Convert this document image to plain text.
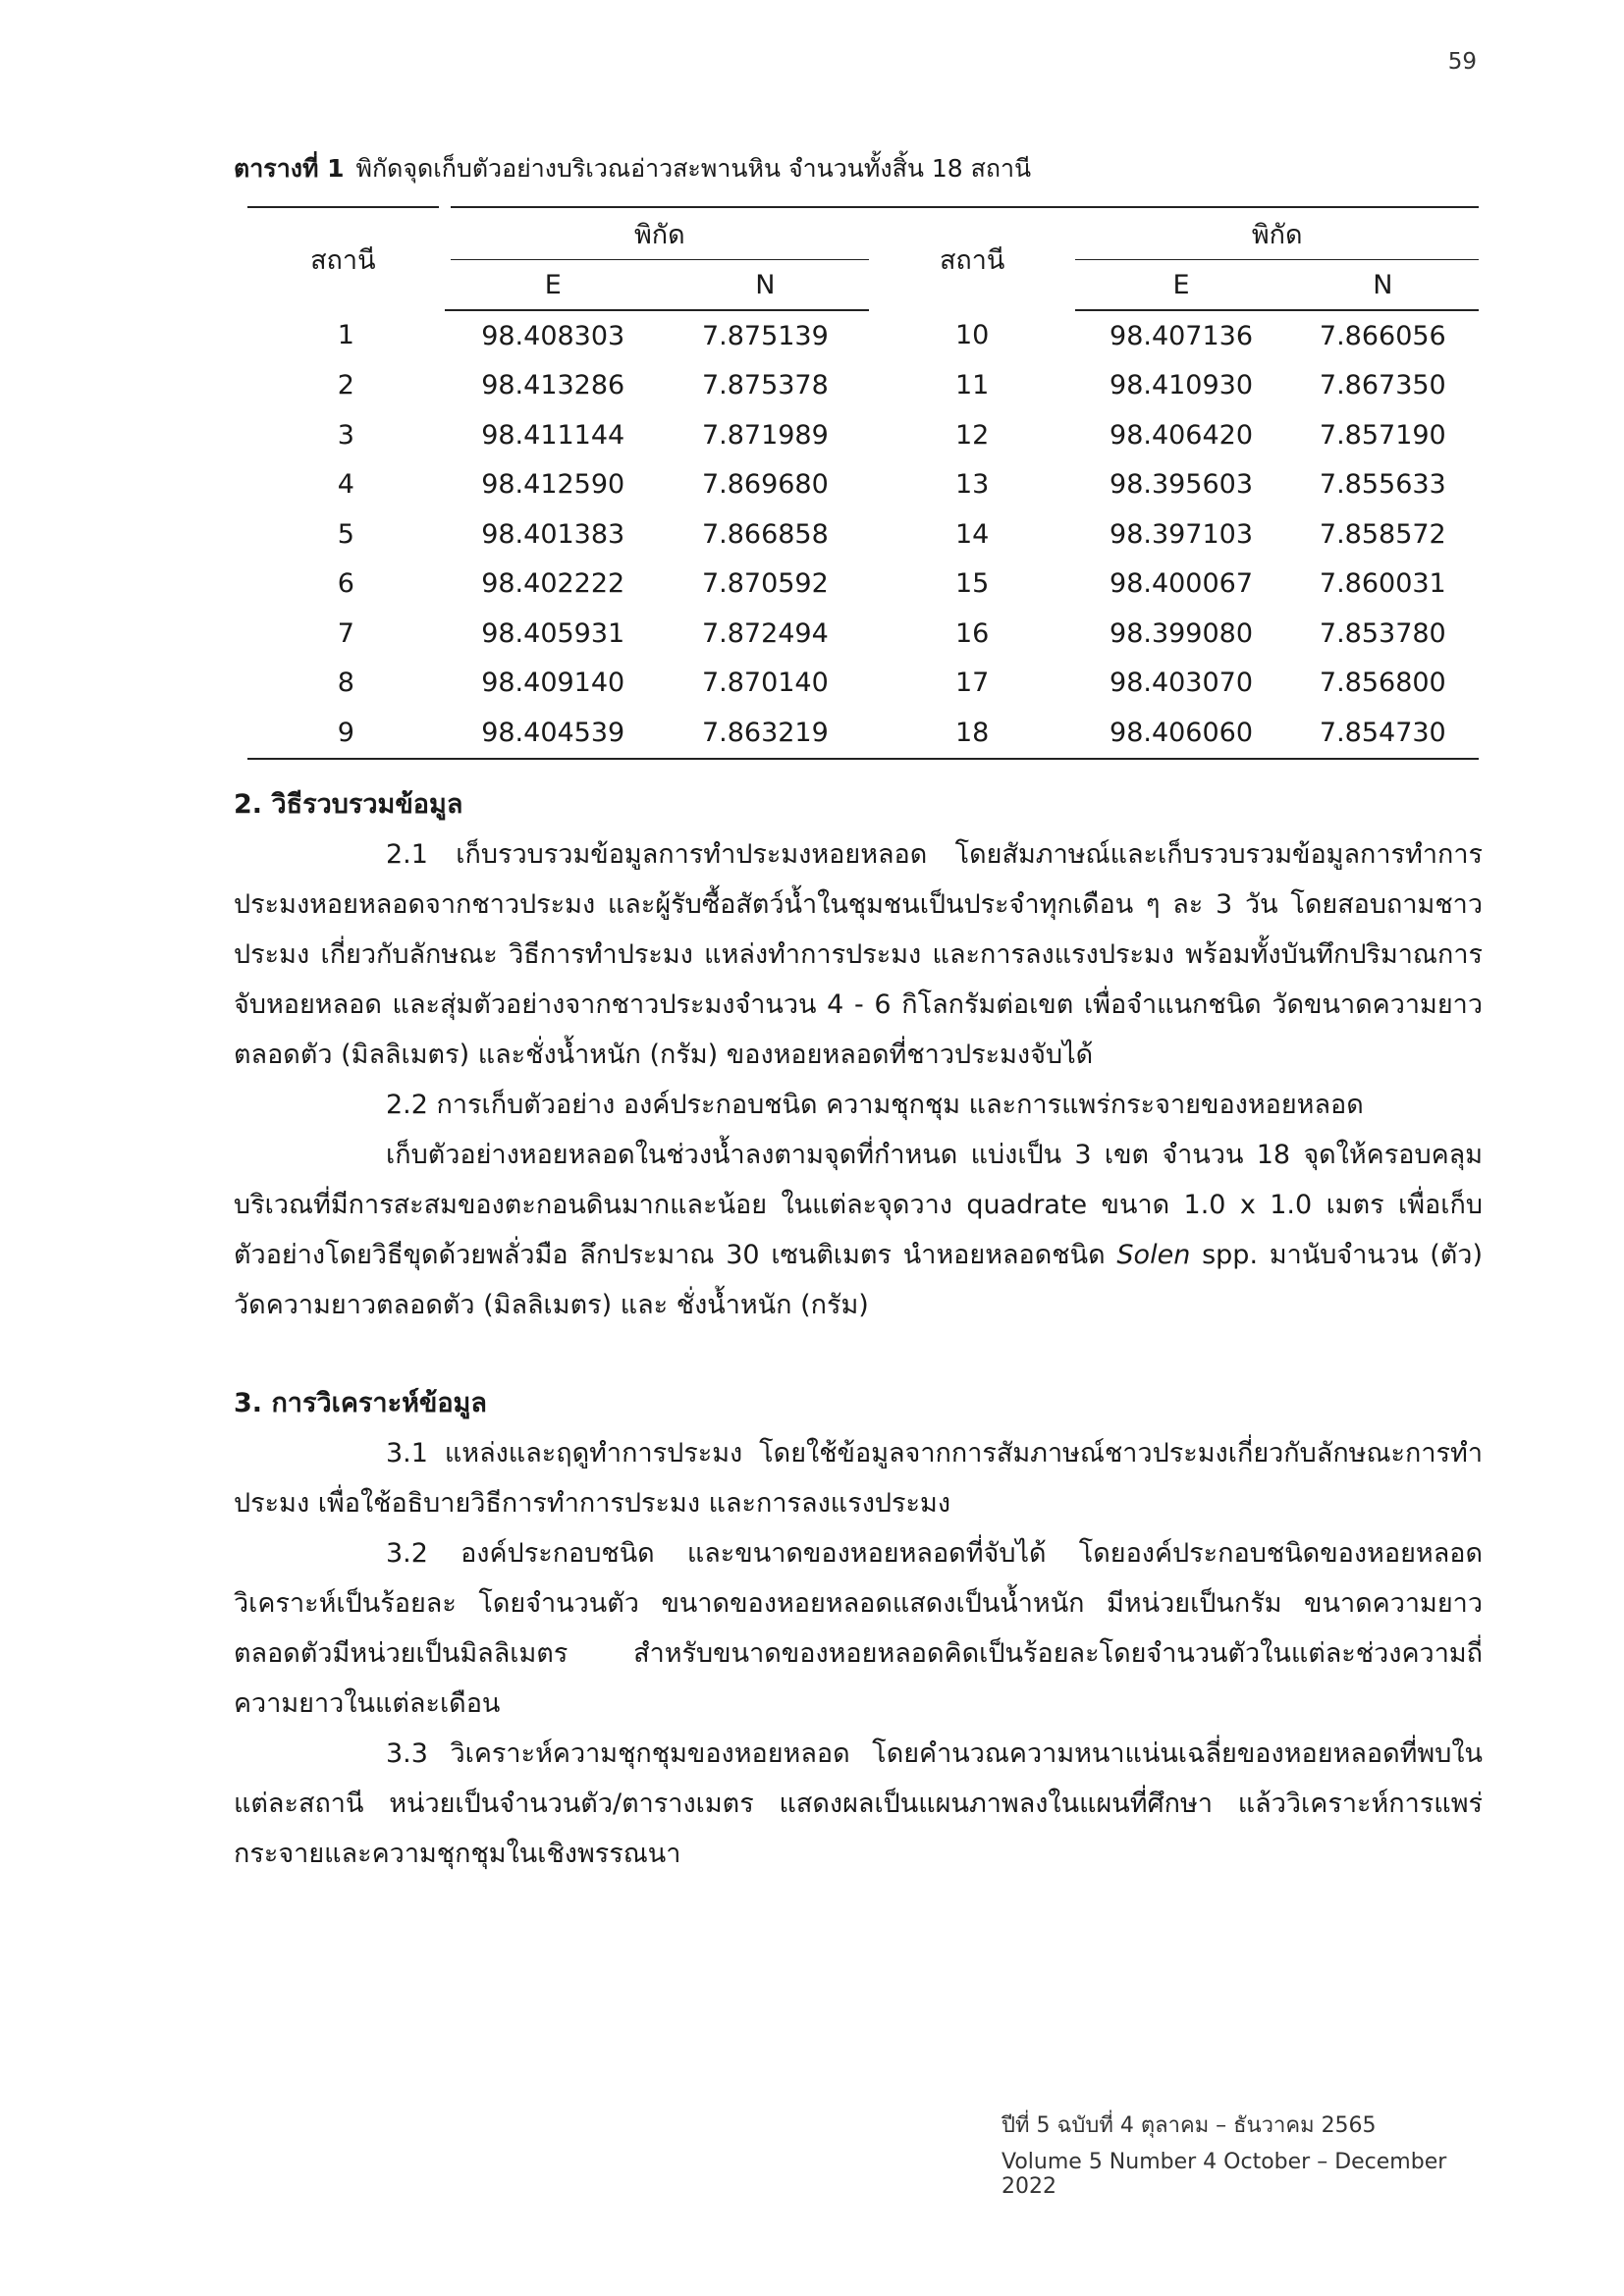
59
ตารางที่ 1 พิกัดจุดเก็บตัวอย่างบริเวณอ่าวสะพานหิน จำนวนทั้งสิ้น 18 สถานี
สถานี	พิกัด		สถานี	พิกัด	
	E	N		E	N
1	98.408303	7.875139	10	98.407136	7.866056
2	98.413286	7.875378	11	98.410930	7.867350
3	98.411144	7.871989	12	98.406420	7.857190
4	98.412590	7.869680	13	98.395603	7.855633
5	98.401383	7.866858	14	98.397103	7.858572
6	98.402222	7.870592	15	98.400067	7.860031
7	98.405931	7.872494	16	98.399080	7.853780
8	98.409140	7.870140	17	98.403070	7.856800
9	98.404539	7.863219	18	98.406060	7.854730

2. วิธีรวบรวมข้อมูล

2.1 เก็บรวบรวมข้อมูลการทำประมงหอยหลอด โดยสัมภาษณ์และเก็บรวบรวมข้อมูลการทำการประมงหอยหลอดจากชาวประมง และผู้รับซื้อสัตว์น้ำในชุมชนเป็นประจำทุกเดือน ๆ ละ 3 วัน โดยสอบถามชาวประมง เกี่ยวกับลักษณะ วิธีการทำประมง แหล่งทำการประมง และการลงแรงประมง พร้อมทั้งบันทึกปริมาณการจับหอยหลอด และสุ่มตัวอย่างจากชาวประมงจำนวน 4 - 6 กิโลกรัมต่อเขต เพื่อจำแนกชนิด วัดขนาดความยาวตลอดตัว (มิลลิเมตร) และชั่งน้ำหนัก (กรัม) ของหอยหลอดที่ชาวประมงจับได้

2.2 การเก็บตัวอย่าง องค์ประกอบชนิด ความชุกชุม และการแพร่กระจายของหอยหลอด

เก็บตัวอย่างหอยหลอดในช่วงน้ำลงตามจุดที่กำหนด แบ่งเป็น 3 เขต จำนวน 18 จุดให้ครอบคลุมบริเวณที่มีการสะสมของตะกอนดินมากและน้อย ในแต่ละจุดวาง quadrate ขนาด 1.0 x 1.0 เมตร เพื่อเก็บตัวอย่างโดยวิธีขุดด้วยพลั่วมือ ลึกประมาณ 30 เซนติเมตร นำหอยหลอดชนิด Solen spp. มานับจำนวน (ตัว) วัดความยาวตลอดตัว (มิลลิเมตร) และ ชั่งน้ำหนัก (กรัม)

3. การวิเคราะห์ข้อมูล

3.1 แหล่งและฤดูทำการประมง โดยใช้ข้อมูลจากการสัมภาษณ์ชาวประมงเกี่ยวกับลักษณะการทำประมง เพื่อใช้อธิบายวิธีการทำการประมง และการลงแรงประมง

3.2 องค์ประกอบชนิด และขนาดของหอยหลอดที่จับได้ โดยองค์ประกอบชนิดของหอยหลอดวิเคราะห์เป็นร้อยละ โดยจำนวนตัว ขนาดของหอยหลอดแสดงเป็นน้ำหนัก มีหน่วยเป็นกรัม ขนาดความยาวตลอดตัวมีหน่วยเป็นมิลลิเมตร สำหรับขนาดของหอยหลอดคิดเป็นร้อยละโดยจำนวนตัวในแต่ละช่วงความถี่ความยาวในแต่ละเดือน

3.3 วิเคราะห์ความชุกชุมของหอยหลอด โดยคำนวณความหนาแน่นเฉลี่ยของหอยหลอดที่พบในแต่ละสถานี หน่วยเป็นจำนวนตัว/ตารางเมตร แสดงผลเป็นแผนภาพลงในแผนที่ศึกษา แล้ววิเคราะห์การแพร่กระจายและความชุกชุมในเชิงพรรณนา

ปีที่ 5 ฉบับที่ 4 ตุลาคม – ธันวาคม 2565
Volume 5 Number 4 October – December 2022
